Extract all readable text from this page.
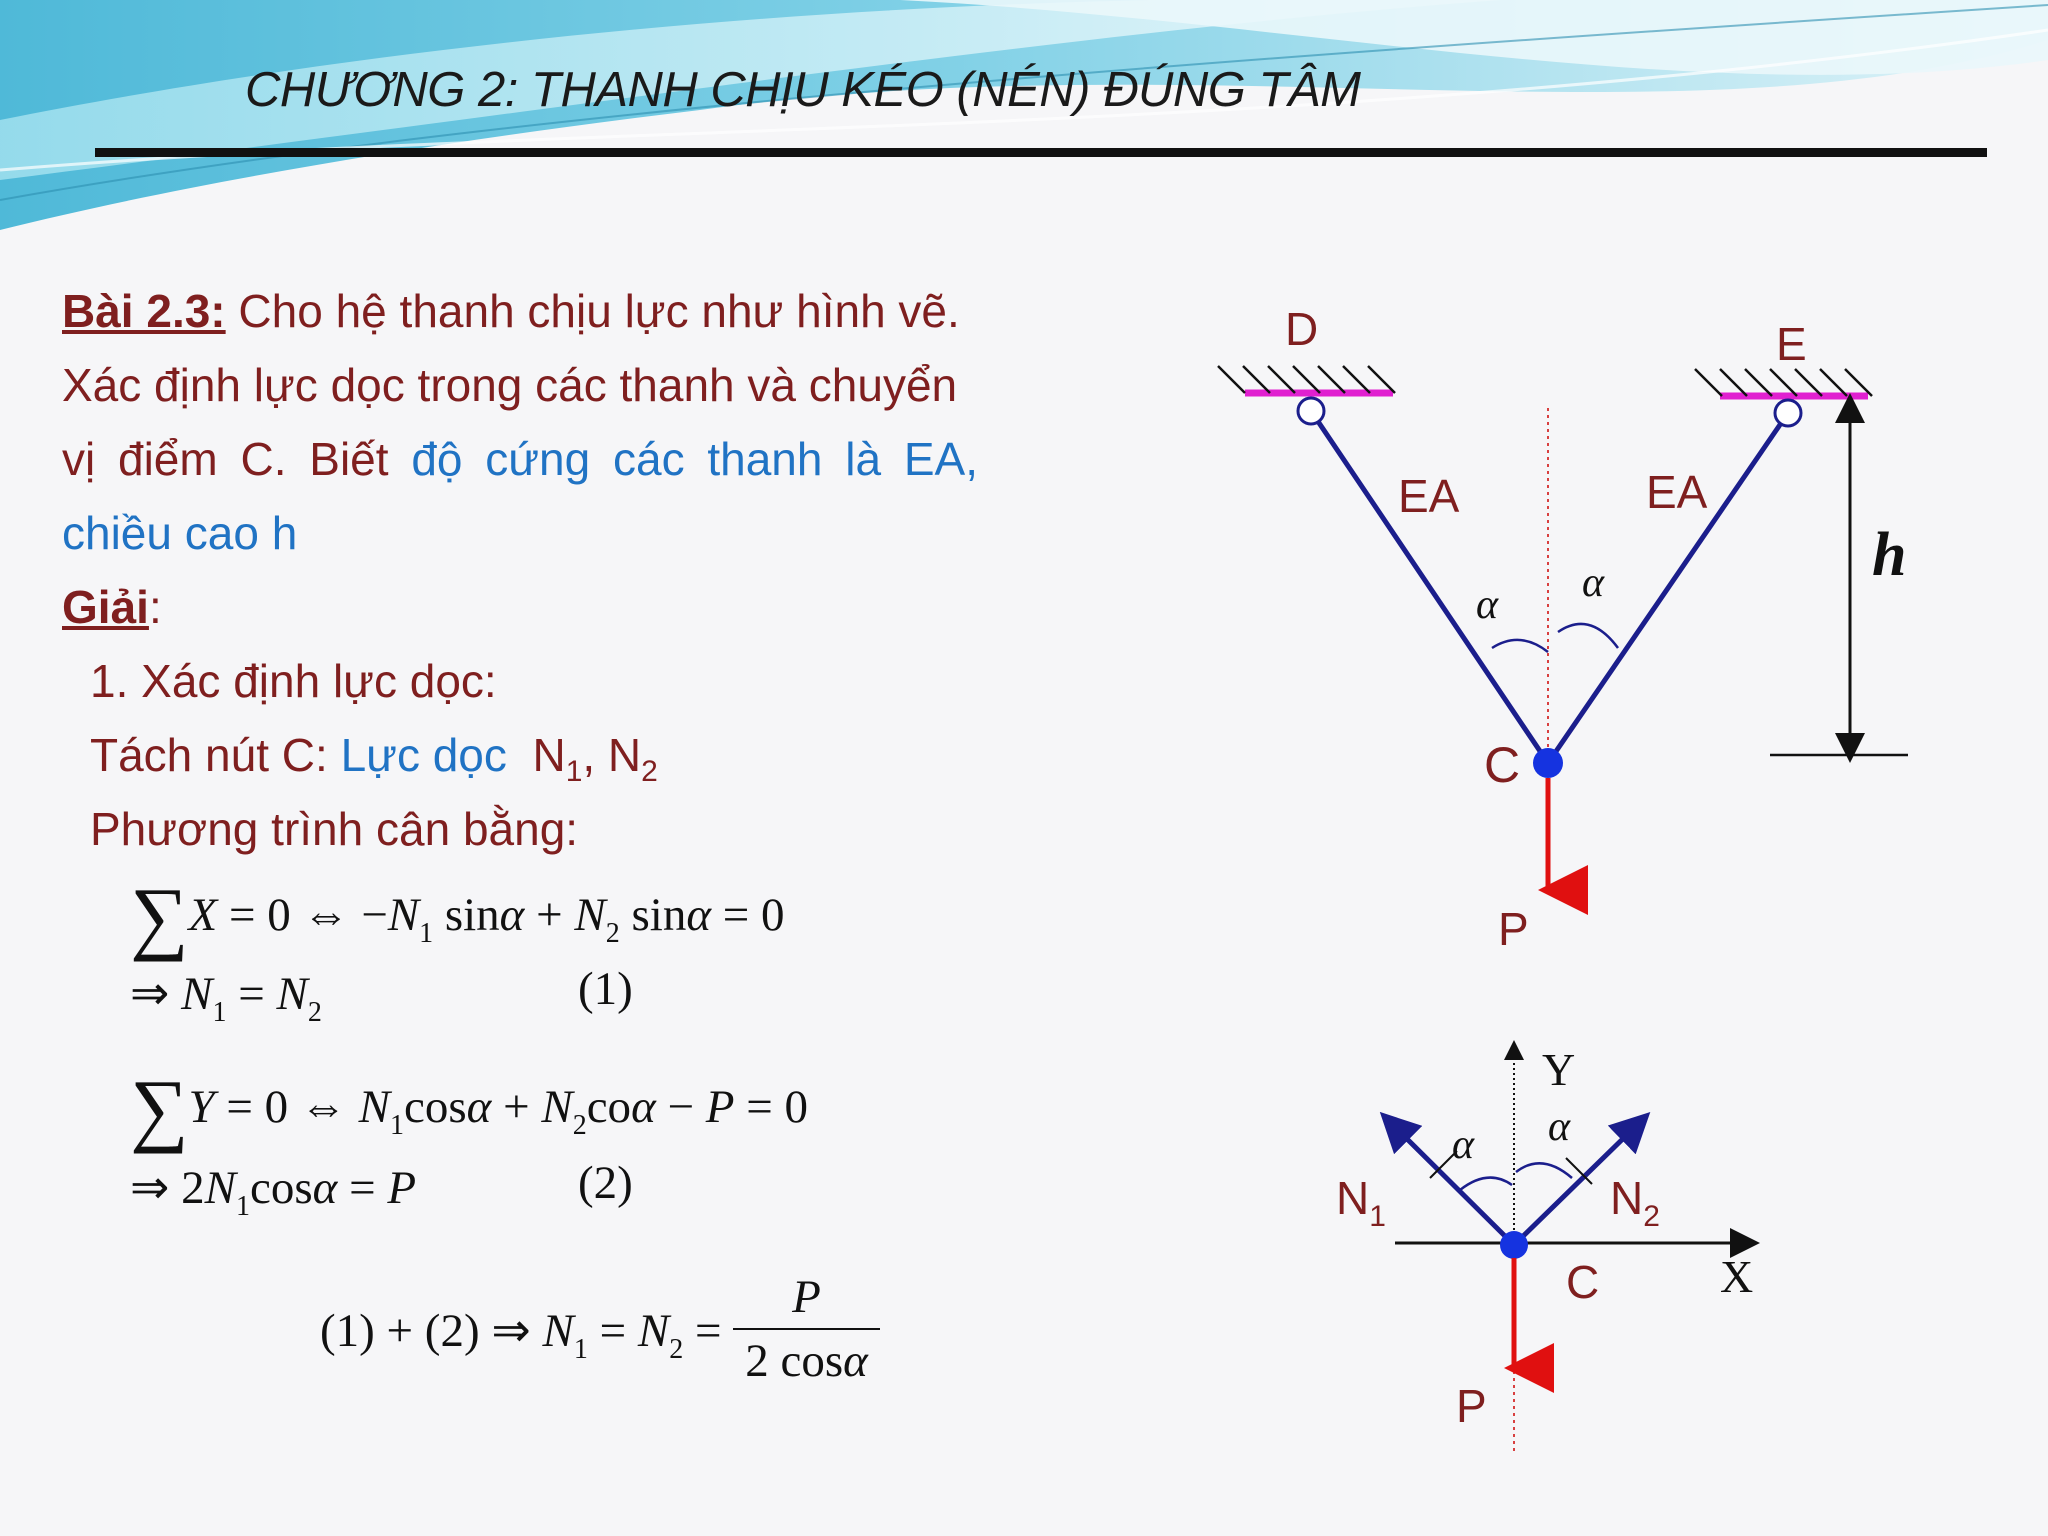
CHƯƠNG 2: THANH CHỊU KÉO (NÉN) ĐÚNG TÂM
Bài 2.3: Cho hệ thanh chịu lực như hình vẽ.
Xác định lực dọc trong các thanh và chuyển
vị điểm C. Biết độ cứng các thanh là EA,
chiều cao h
Giải:
1. Xác định lực dọc:
Tách nút C: Lực dọc $N_1$, $N_2$
Phương trình cân bằng:
∑X = 0 ⇔ $-N_1$ $\sin\alpha + N_2$ sinα = 0
⇒ $N_1 = N_2$	(1)
∑Y = 0 ⇔ $N_1\cos\alpha + N_2co\alpha - P = 0$
⇒ $2N_1\cos\alpha = P$	(2)
(1) + (2) ⇒ $N_1 = N_2 = \frac{P}{2 \cos\alpha}$
D	E
EA	EA
α α
C
P
h
Y
X
α α
$N_1$	$N_2$
C
P
